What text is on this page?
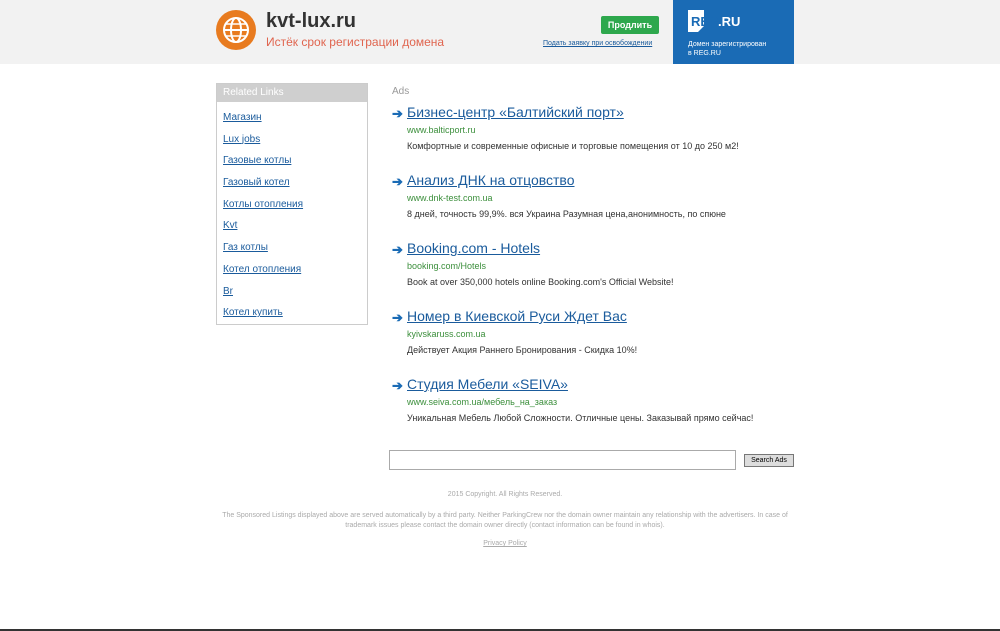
kvt-lux.ru
Истёк срок регистрации домена
Продлить
Подать заявку при освобождении
REG
.RU
Домен зарегистрирован
в REG.RU
Related Links
Магазин
Lux jobs
Газовые котлы
Газовый котел
Котлы отопления
Kvt
Газ котлы
Котел отопления
Br
Котел купить
Ads
➔ Бизнес-центр «Балтийский порт»
www.balticport.ru
Комфортные и современные офисные и торговые помещения от 10 до 250 м2!
➔ Анализ ДНК на отцовство
www.dnk-test.com.ua
8 дней, точность 99,9%. вся Украина Разумная цена,анонимность, по спюне
➔ Booking.com - Hotels
booking.com/Hotels
Book at over 350,000 hotels online Booking.com's Official Website!
➔ Номер в Киевской Руси Ждет Вас
kyivskaruss.com.ua
Действует Акция Раннего Бронирования - Скидка 10%!
➔ Студия Мебели «SEIVA»
www.seiva.com.ua/мебель_на_заказ
Уникальная Мебель Любой Сложности. Отличные цены. Заказывай прямо сейчас!
Search Ads
2015 Copyright. All Rights Reserved.
The Sponsored Listings displayed above are served automatically by a third party. Neither ParkingCrew nor the domain owner maintain any relationship with the advertisers. In case of trademark issues please contact the domain owner directly (contact information can be found in whois).
Privacy Policy
